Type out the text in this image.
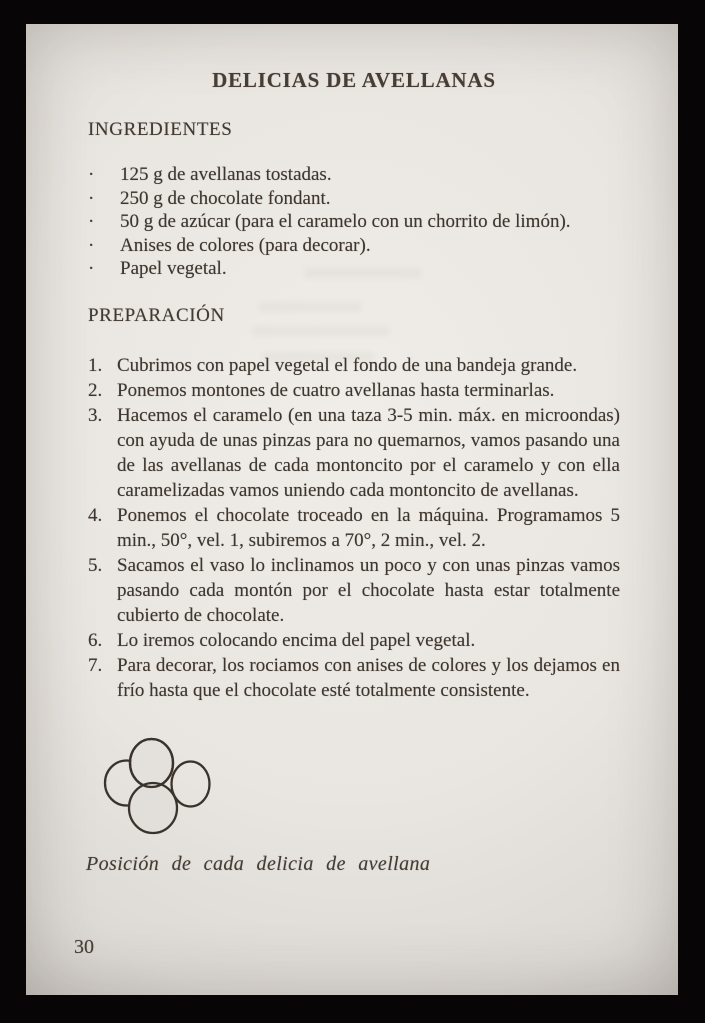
DELICIAS DE AVELLANAS
INGREDIENTES
·	125 g de avellanas tostadas.
·	250 g de chocolate fondant.
·	50 g de azúcar (para el caramelo con un chorrito de limón).
·	Anises de colores (para decorar).
·	Papel vegetal.
PREPARACIÓN
1. Cubrimos con papel vegetal el fondo de una bandeja grande.
2. Ponemos montones de cuatro avellanas hasta terminarlas.
3. Hacemos el caramelo (en una taza 3-5 min. máx. en microondas) con ayuda de unas pinzas para no quemarnos, vamos pasando una de las avellanas de cada montoncito por el caramelo y con ella caramelizadas vamos uniendo cada montoncito de avellanas.
4. Ponemos el chocolate troceado en la máquina. Programamos 5 min., 50°, vel. 1, subiremos a 70°, 2 min., vel. 2.
5. Sacamos el vaso lo inclinamos un poco y con unas pinzas vamos pasando cada montón por el chocolate hasta estar totalmente cubierto de chocolate.
6. Lo iremos colocando encima del papel vegetal.
7. Para decorar, los rociamos con anises de colores y los dejamos en frío hasta que el chocolate esté totalmente consistente.
Posición de cada delicia de avellana
30
